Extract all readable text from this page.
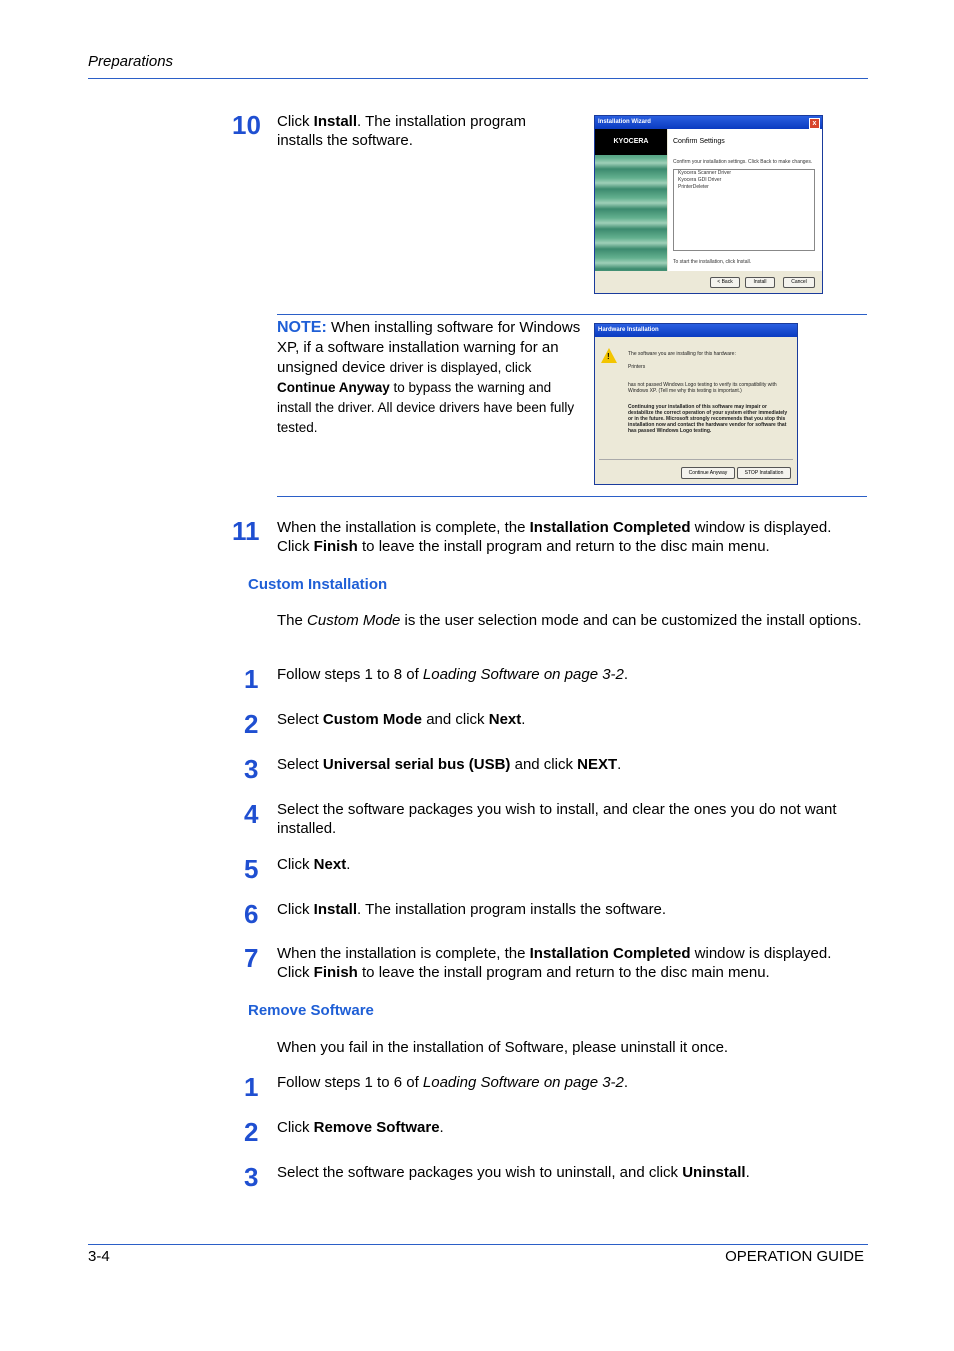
Preparations
10 Click Install. The installation program installs the software.
Installation Wizard	x
KYOCERA	Confirm Settings
Confirm your installation settings. Click Back to make changes.
Kyocera Scanner Driver
Kyocera GDI Driver
PrinterDeleter
To start the installation, click Install.
< Back	Install	Cancel
NOTE: When installing software for Windows XP, if a software installation warning for an unsigned device driver is displayed, click Continue Anyway to bypass the warning and install the driver. All device drivers have been fully tested.
Hardware Installation
!	The software you are installing for this hardware:
Printers
has not passed Windows Logo testing to verify its compatibility with Windows XP. (Tell me why this testing is important.)
Continuing your installation of this software may impair or destabilize the correct operation of your system either immediately or in the future. Microsoft strongly recommends that you stop this installation now and contact the hardware vendor for software that has passed Windows Logo testing.
Continue Anyway	STOP Installation
11 When the installation is complete, the Installation Completed window is displayed. Click Finish to leave the install program and return to the disc main menu.
Custom Installation
The Custom Mode is the user selection mode and can be customized the install options.
1 Follow steps 1 to 8 of Loading Software on page 3-2.
2 Select Custom Mode and click Next.
3 Select Universal serial bus (USB) and click NEXT.
4 Select the software packages you wish to install, and clear the ones you do not want installed.
5 Click Next.
6 Click Install. The installation program installs the software.
7 When the installation is complete, the Installation Completed window is displayed. Click Finish to leave the install program and return to the disc main menu.
Remove Software
When you fail in the installation of Software, please uninstall it once.
1 Follow steps 1 to 6 of Loading Software on page 3-2.
2 Click Remove Software.
3 Select the software packages you wish to uninstall, and click Uninstall.
3-4	OPERATION GUIDE
